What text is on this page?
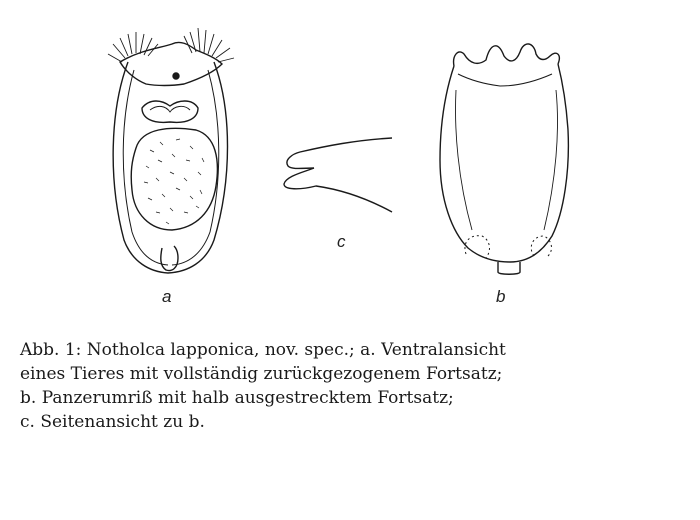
a	b
c
Abb. 1: Notholca lapponica, nov. spec.; a. Ventralansicht
eines Tieres mit vollständig zurückgezogenem Fortsatz;
b. Panzerumriß mit halb ausgestrecktem Fortsatz;
c. Seitenansicht zu b.
